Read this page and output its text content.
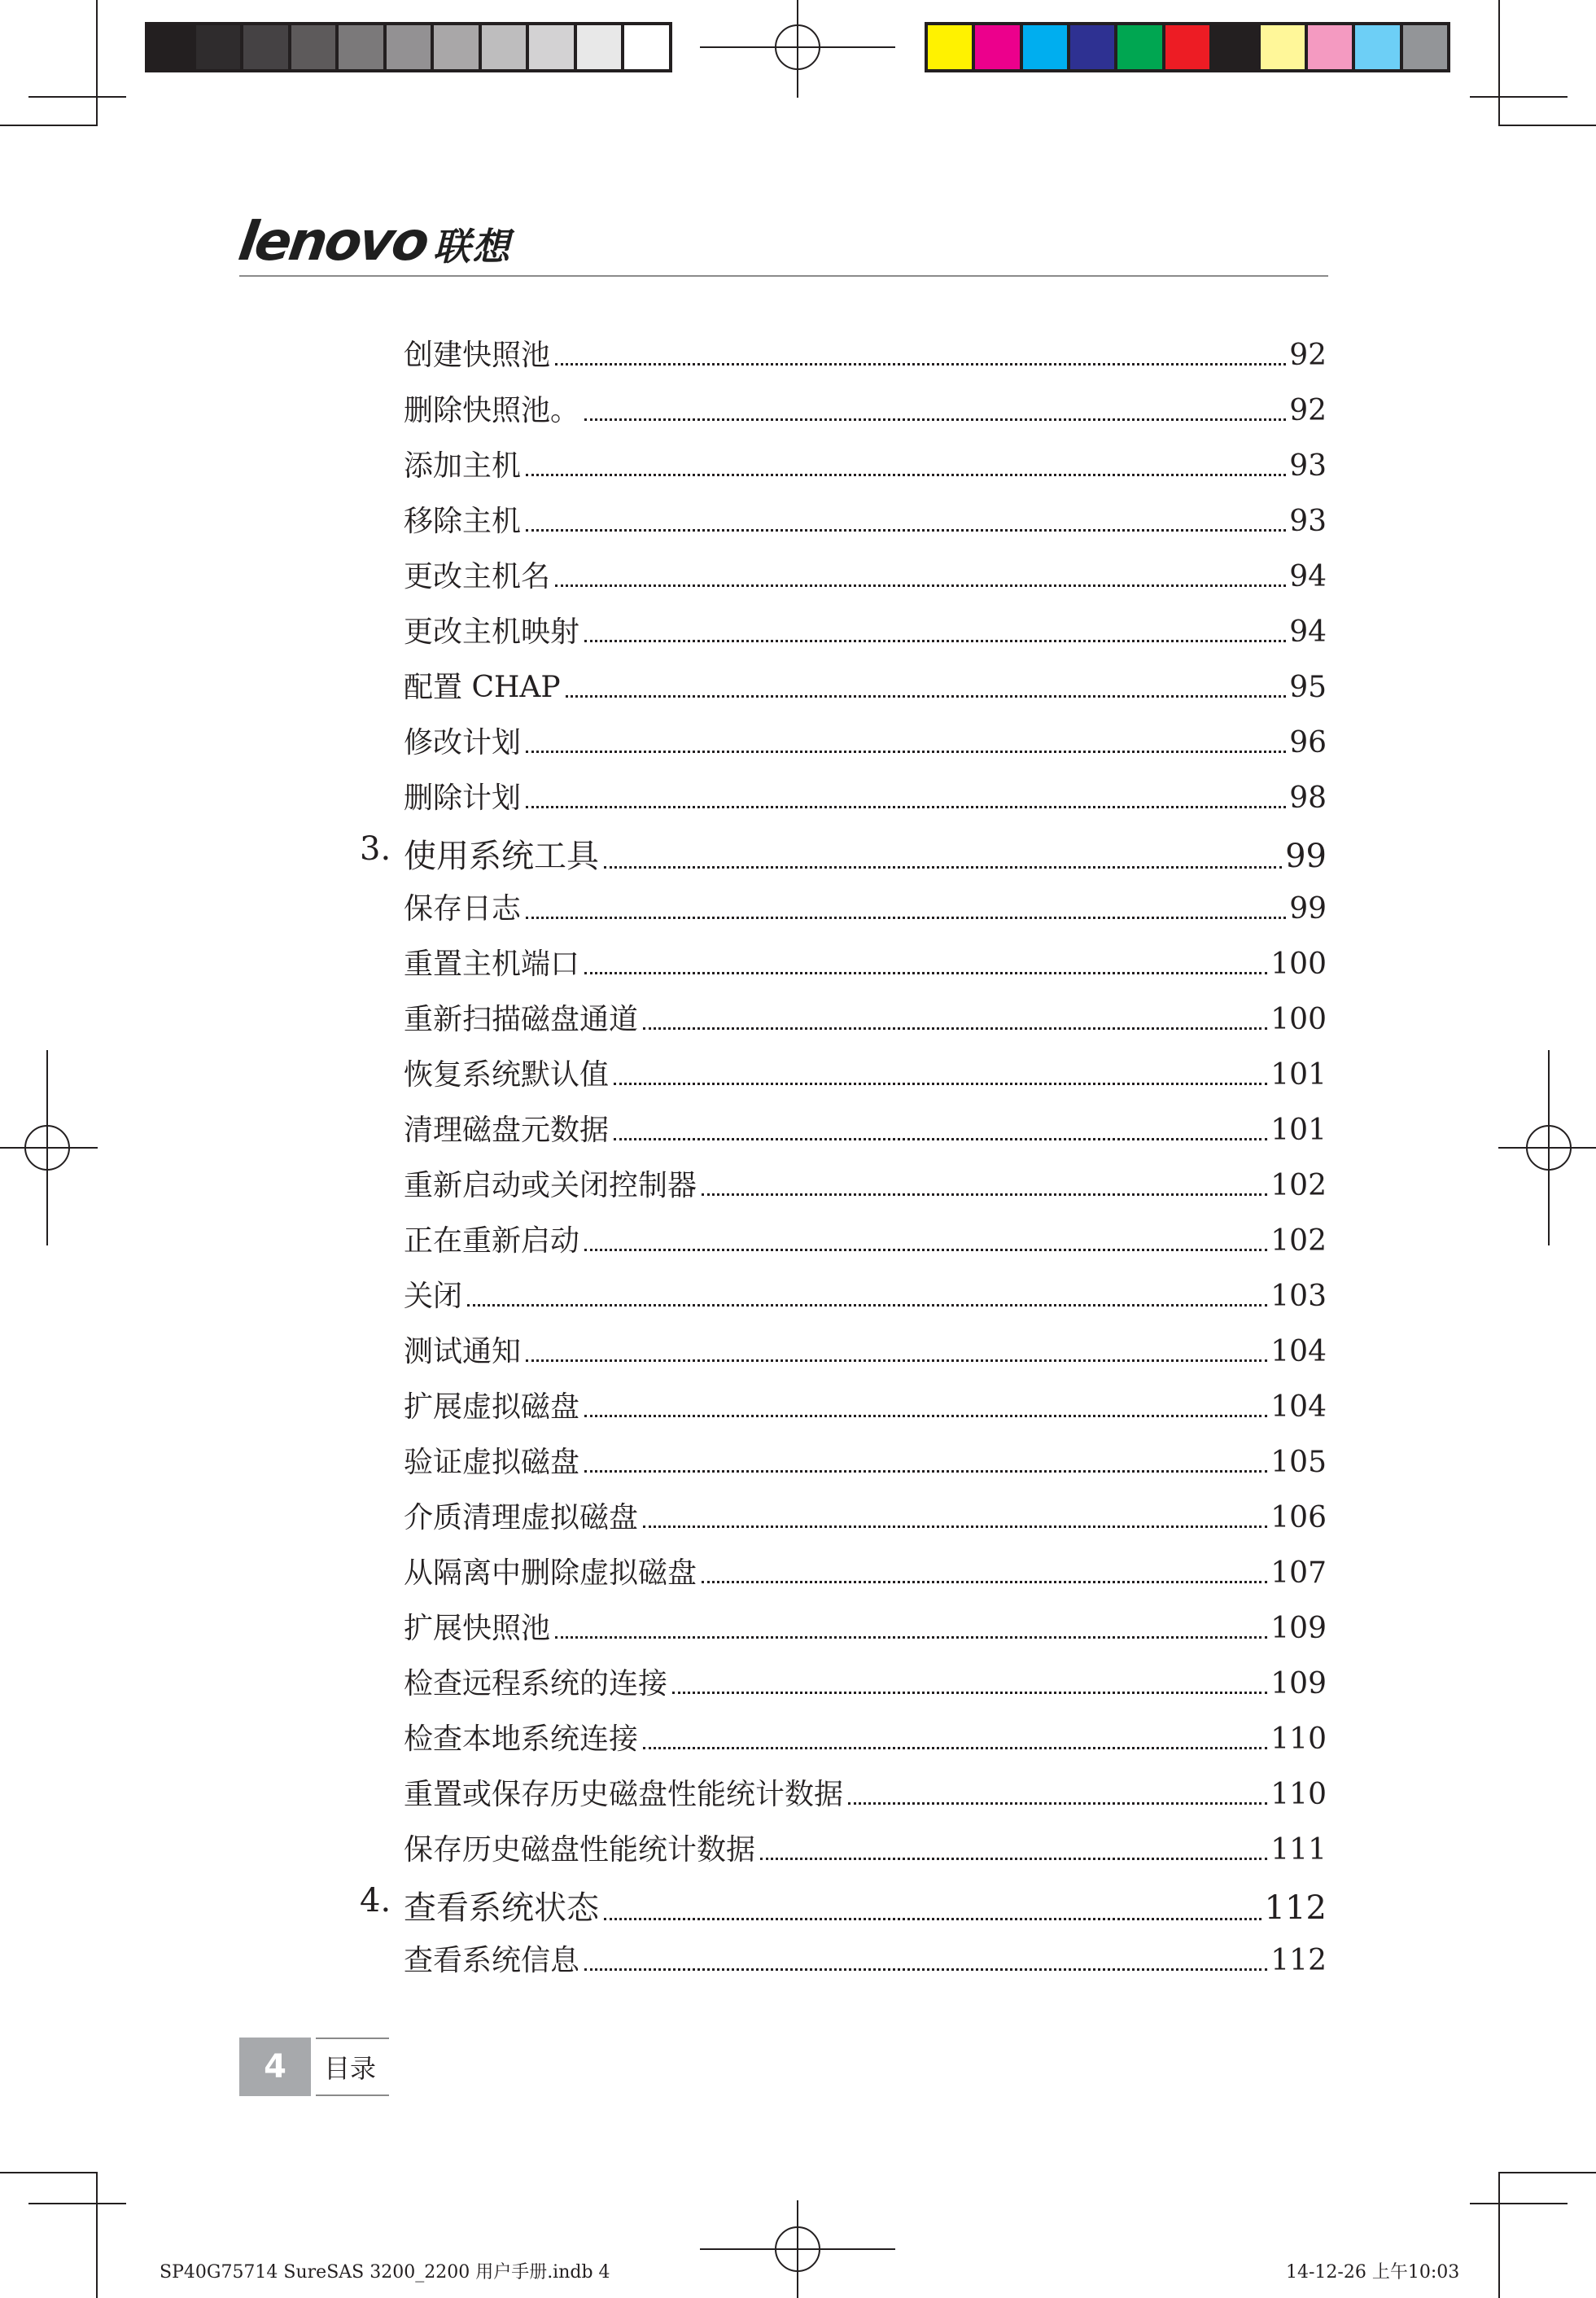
lenovo 联想
创建快照池	92
删除快照池。	92
添加主机	93
移除主机	93
更改主机名	94
更改主机映射	94
配置 CHAP	95
修改计划	96
删除计划	98
3. 使用系统工具	99
保存日志	99
重置主机端口	100
重新扫描磁盘通道	100
恢复系统默认值	101
清理磁盘元数据	101
重新启动或关闭控制器	102
正在重新启动	102
关闭	103
测试通知	104
扩展虚拟磁盘	104
验证虚拟磁盘	105
介质清理虚拟磁盘	106
从隔离中删除虚拟磁盘	107
扩展快照池	109
检查远程系统的连接	109
检查本地系统连接	110
重置或保存历史磁盘性能统计数据	110
保存历史磁盘性能统计数据	111
4. 查看系统状态	112
查看系统信息	112
4	目录
SP40G75714 SureSAS 3200_2200 用户手册.indb 4	14-12-26 上午10:03
